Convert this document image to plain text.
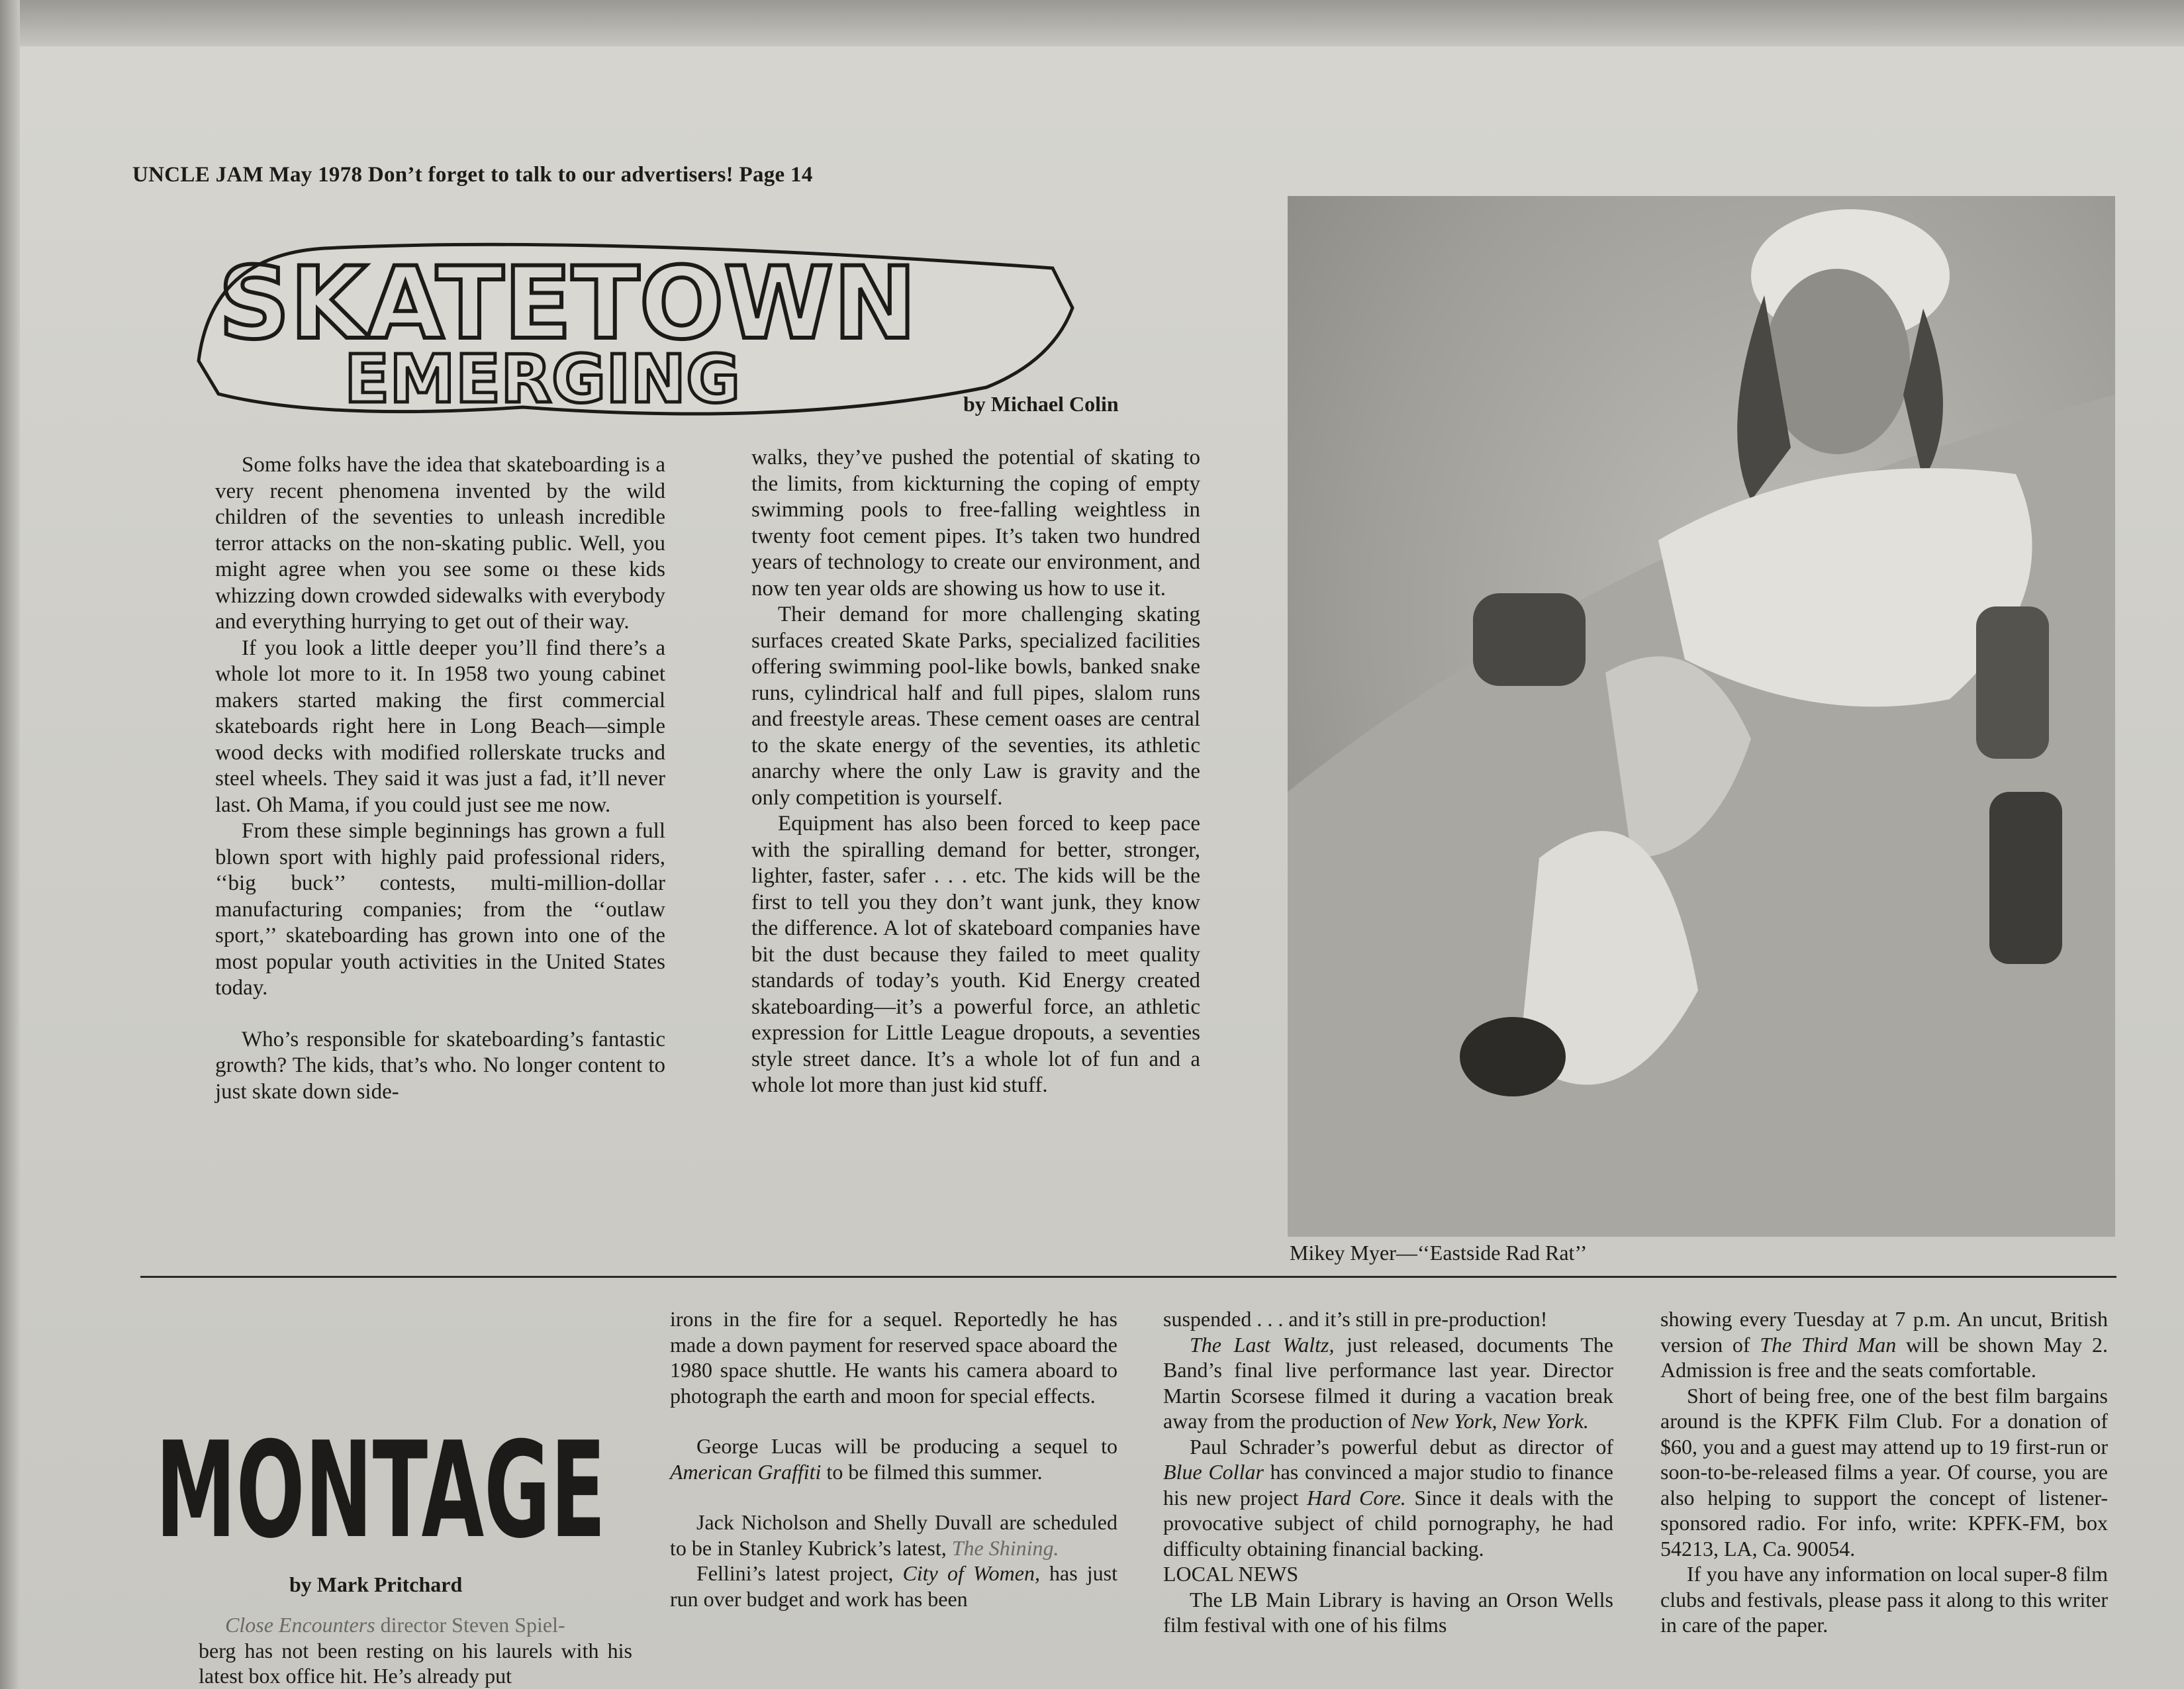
UNCLE JAM May 1978 Don’t forget to talk to our advertisers! Page 14
SKATETOWN
EMERGING	by Michael Colin

Some folks have the idea that skateboarding is a very recent phenomena invented by the wild children of the seventies to unleash incredible terror attacks on the non-skating public. Well, you might agree when you see some oı these kids whizzing down crowded sidewalks with everybody and everything hurrying to get out of their way.

If you look a little deeper you’ll find there’s a whole lot more to it. In 1958 two young cabinet makers started making the first commercial skateboards right here in Long Beach—simple wood decks with modified rollerskate trucks and steel wheels. They said it was just a fad, it’ll never last. Oh Mama, if you could just see me now.

From these simple beginnings has grown a full blown sport with highly paid professional riders, ‘‘big buck’’ contests, multi-million-dollar manufacturing companies; from the ‘‘outlaw sport,’’ skateboarding has grown into one of the most popular youth activities in the United States today.

Who’s responsible for skateboarding’s fantastic growth? The kids, that’s who. No longer content to just skate down side-

walks, they’ve pushed the potential of skating to the limits, from kickturning the coping of empty swimming pools to free-falling weightless in twenty foot cement pipes. It’s taken two hundred years of technology to create our environment, and now ten year olds are showing us how to use it.

Their demand for more challenging skating surfaces created Skate Parks, specialized facilities offering swimming pool-like bowls, banked snake runs, cylindrical half and full pipes, slalom runs and freestyle areas. These cement oases are central to the skate energy of the seventies, its athletic anarchy where the only Law is gravity and the only competition is yourself.

Equipment has also been forced to keep pace with the spiralling demand for better, stronger, lighter, faster, safer . . . etc. The kids will be the first to tell you they don’t want junk, they know the difference. A lot of skateboard companies have bit the dust because they failed to meet quality standards of today’s youth. Kid Energy created skateboarding—it’s a powerful force, an athletic expression for Little League dropouts, a seventies style street dance. It’s a whole lot of fun and a whole lot more than just kid stuff.

Mikey Myer—‘‘Eastside Rad Rat’’
MONTAGE
by Mark Pritchard

Close Encounters director Steven Spiel-

berg has not been resting on his laurels with his latest box office hit. He’s already put

irons in the fire for a sequel. Reportedly he has made a down payment for reserved space aboard the 1980 space shuttle. He wants his camera aboard to photograph the earth and moon for special effects.

George Lucas will be producing a sequel to American Graffiti to be filmed this summer.

Jack Nicholson and Shelly Duvall are scheduled to be in Stanley Kubrick’s latest, The Shining.

Fellini’s latest project, City of Women, has just run over budget and work has been

suspended . . . and it’s still in pre-production!

The Last Waltz, just released, documents The Band’s final live performance last year. Director Martin Scorsese filmed it during a vacation break away from the production of New York, New York.

Paul Schrader’s powerful debut as director of Blue Collar has convinced a major studio to finance his new project Hard Core. Since it deals with the provocative subject of child pornography, he had difficulty obtaining financial backing.

LOCAL NEWS

The LB Main Library is having an Orson Wells film festival with one of his films

showing every Tuesday at 7 p.m. An uncut, British version of The Third Man will be shown May 2. Admission is free and the seats comfortable.

Short of being free, one of the best film bargains around is the KPFK Film Club. For a donation of $60, you and a guest may attend up to 19 first-run or soon-to-be-released films a year. Of course, you are also helping to support the concept of listener-sponsored radio. For info, write: KPFK-FM, box 54213, LA, Ca. 90054.

If you have any information on local super-8 film clubs and festivals, please pass it along to this writer in care of the paper.
